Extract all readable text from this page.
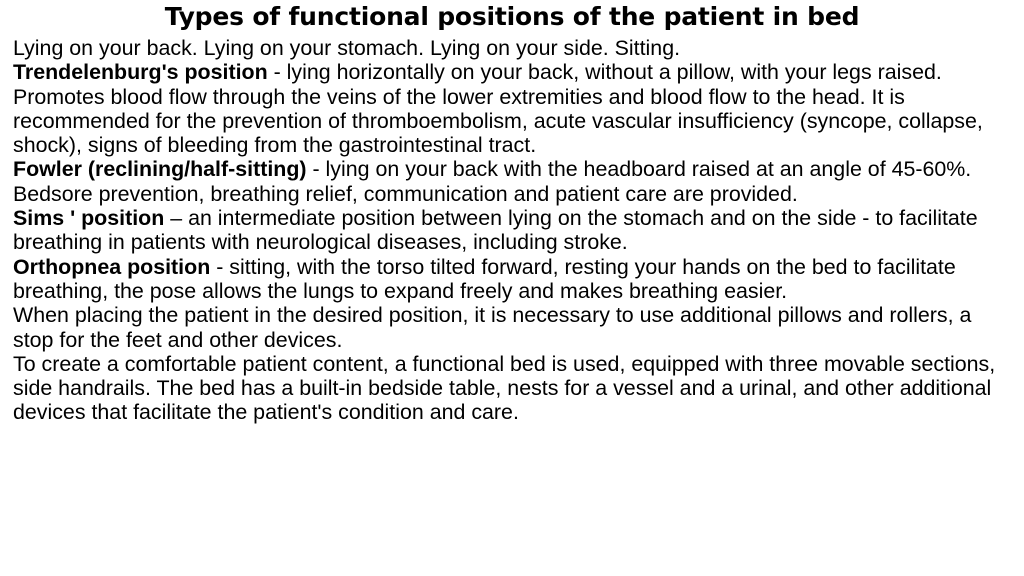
Types of functional positions of the patient in bed

Lying on your back. Lying on your stomach. Lying on your side. Sitting.

Trendelenburg's position - lying horizontally on your back, without a pillow, with your legs raised. Promotes blood flow through the veins of the lower extremities and blood flow to the head. It is recommended for the prevention of thromboembolism, acute vascular insufficiency (syncope, collapse, shock), signs of bleeding from the gastrointestinal tract.

Fowler (reclining/half-sitting) - lying on your back with the headboard raised at an angle of 45-60%. Bedsore prevention, breathing relief, communication and patient care are provided.

Sims ' position – an intermediate position between lying on the stomach and on the side - to facilitate breathing in patients with neurological diseases, including stroke.

Orthopnea position - sitting, with the torso tilted forward, resting your hands on the bed to facilitate breathing, the pose allows the lungs to expand freely and makes breathing easier.

When placing the patient in the desired position, it is necessary to use additional pillows and rollers, a stop for the feet and other devices.

To create a comfortable patient content, a functional bed is used, equipped with three movable sections, side handrails. The bed has a built-in bedside table, nests for a vessel and a urinal, and other additional devices that facilitate the patient's condition and care.
